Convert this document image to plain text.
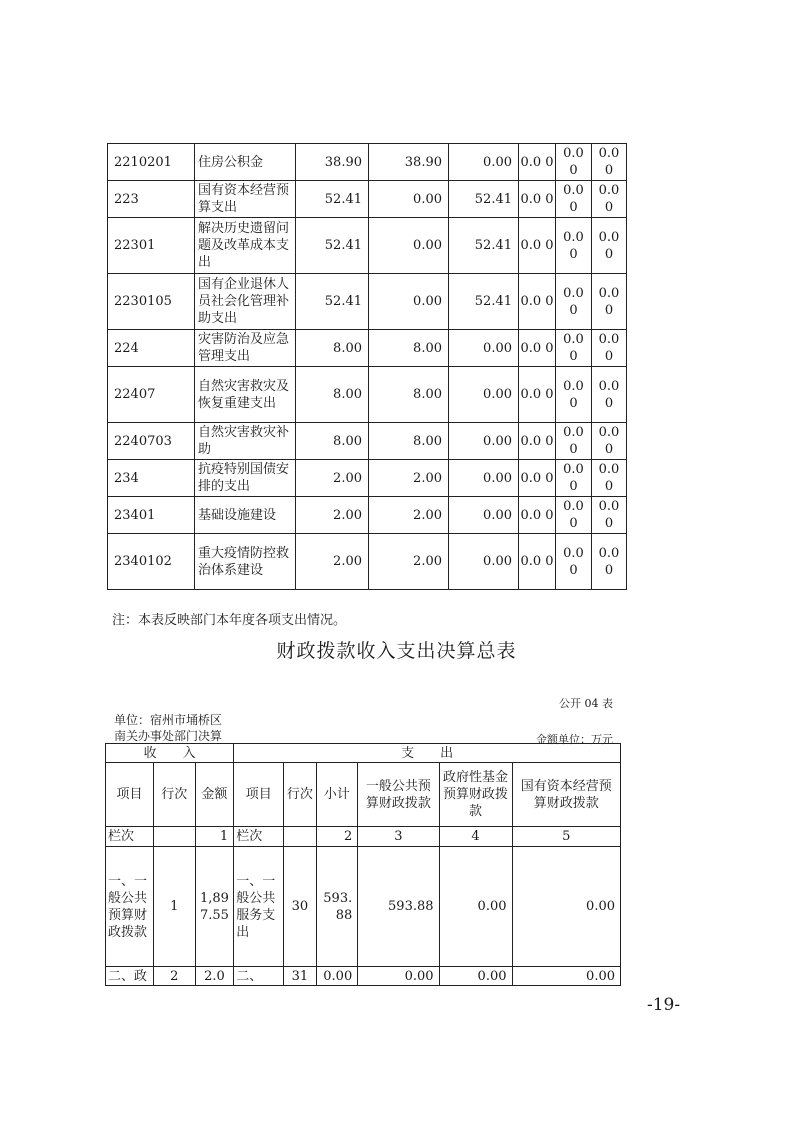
2210201	住房公积金	38.90	38.90	0.00	0.0 0	0.0 0	0.0 0
223	国有资本经营预算支出	52.41	0.00	52.41	0.0 0	0.0 0	0.0 0
22301	解决历史遗留问题及改革成本支出	52.41	0.00	52.41	0.0 0	0.0 0	0.0 0
2230105	国有企业退休人员社会化管理补助支出	52.41	0.00	52.41	0.0 0	0.0 0	0.0 0
224	灾害防治及应急管理支出	8.00	8.00	0.00	0.0 0	0.0 0	0.0 0
22407	自然灾害救灾及恢复重建支出	8.00	8.00	0.00	0.0 0	0.0 0	0.0 0
2240703	自然灾害救灾补助	8.00	8.00	0.00	0.0 0	0.0 0	0.0 0
234	抗疫特别国债安排的支出	2.00	2.00	0.00	0.0 0	0.0 0	0.0 0
23401	基础设施建设	2.00	2.00	0.00	0.0 0	0.0 0	0.0 0
2340102	重大疫情防控救治体系建设	2.00	2.00	0.00	0.0 0	0.0 0	0.0 0
注：本表反映部门本年度各项支出情况。
财政拨款收入支出决算总表
公开 04 表
单位：宿州市埇桥区
南关办事处部门决算	金额单位：万元
收　　入			支　　出					
项目	行次	金额	项目	行次	小计	一般公共预算财政拨款	政府性基金预算财政拨款	国有资本经营预算财政拨款
栏次		1	栏次		2	3	4	5
一、一般公共预算财政拨款	1	1,897.55	一、一般公共服务支出	30	593.88	593.88	0.00	0.00
二、政	2	2.0	二、	31	0.00	0.00	0.00	0.00
-19-
